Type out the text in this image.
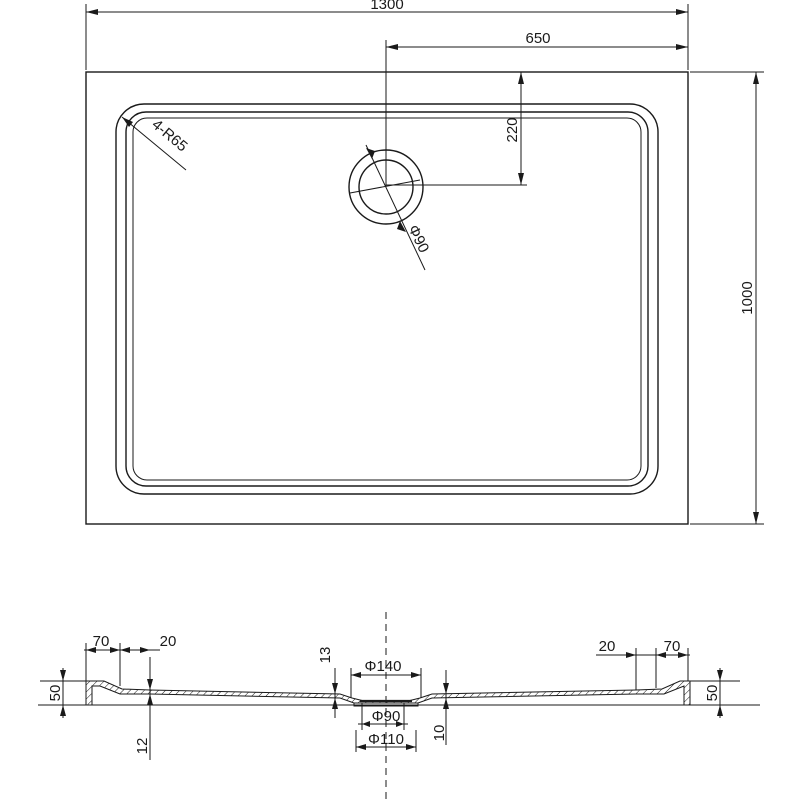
1300
650
220
1000
4-R65
Φ90
70	20	20	70
50	50
12
13
10
Φ140
Φ90
Φ110
